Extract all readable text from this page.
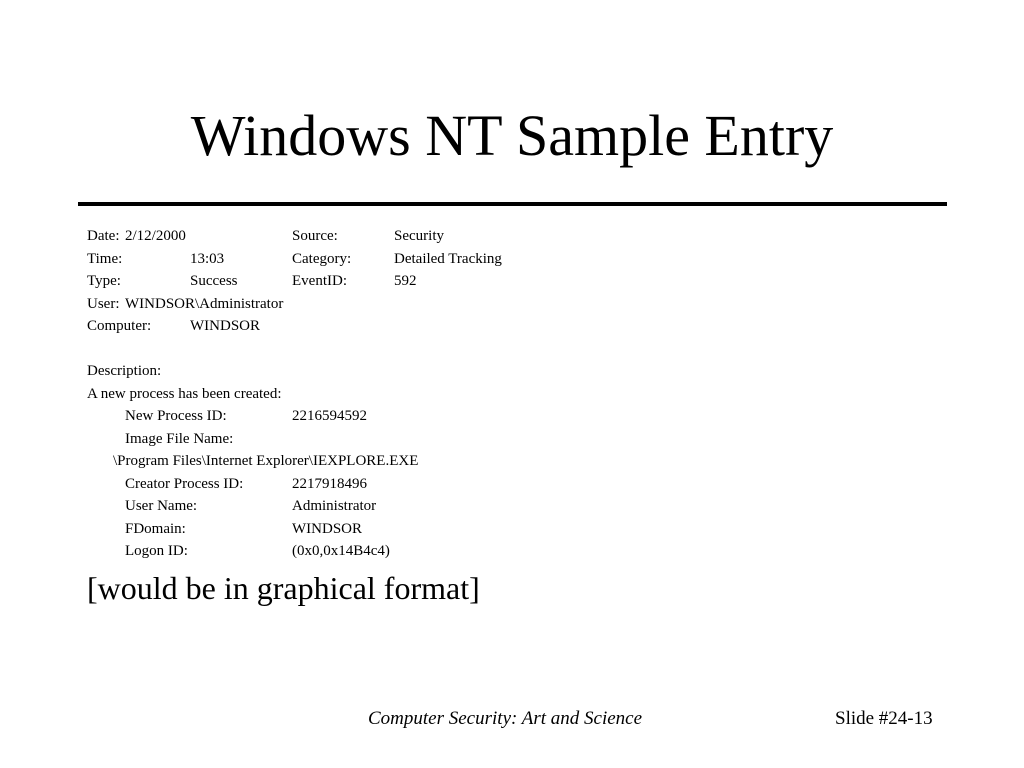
Windows NT Sample Entry
Date: 2/12/2000	Source:	Security
Time:	13:03	Category:	Detailed Tracking
Type:	Success	EventID:	592
User: WINDSOR\Administrator
Computer:	WINDSOR
Description:
A new process has been created:
New Process ID:	2216594592
Image File Name:
\Program Files\Internet Explorer\IEXPLORE.EXE
Creator Process ID:	2217918496
User Name:	Administrator
FDomain:	WINDSOR
Logon ID:	(0x0,0x14B4c4)
[would be in graphical format]
Computer Security: Art and Science	Slide #24-13
